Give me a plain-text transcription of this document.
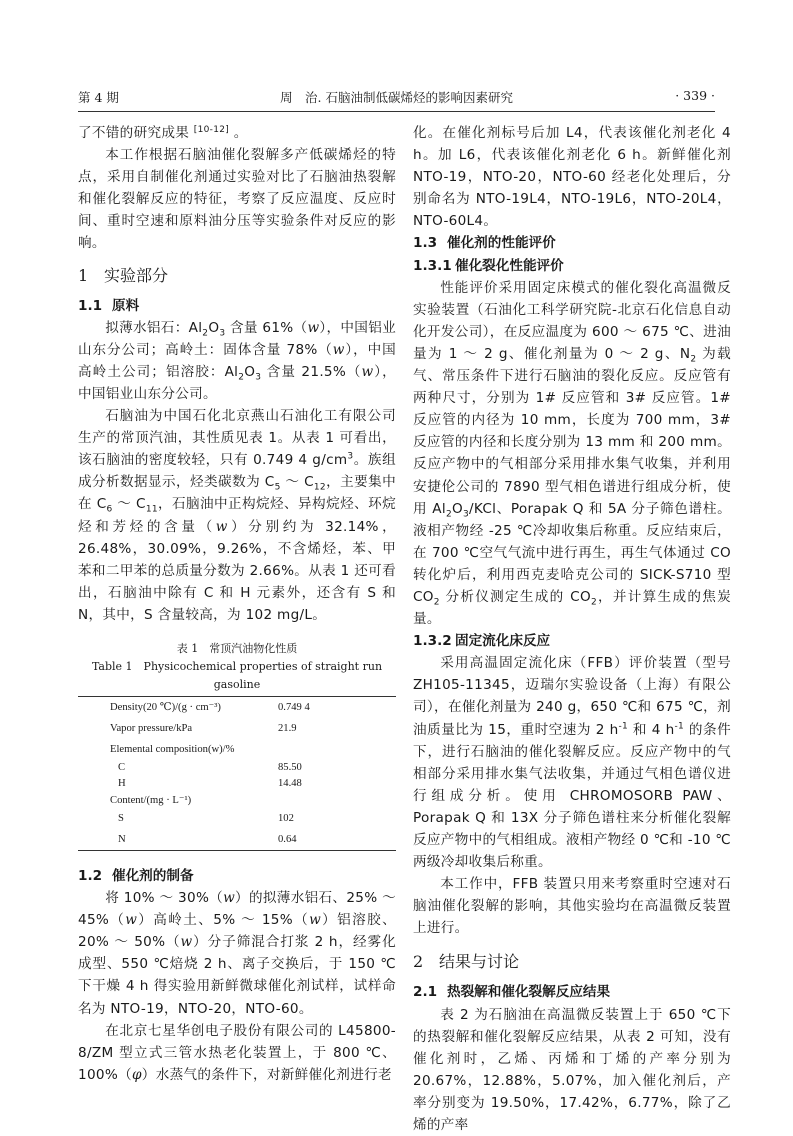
第 4 期	周　治. 石脑油制低碳烯烃的影响因素研究	· 339 ·

了不错的研究成果 [10-12] 。

本工作根据石脑油催化裂解多产低碳烯烃的特点，采用自制催化剂通过实验对比了石脑油热裂解和催化裂解反应的特征，考察了反应温度、反应时间、重时空速和原料油分压等实验条件对反应的影响。

1 实验部分
1.1 原料

拟薄水铝石：$Al_2O_3$ 含量 61%（w），中国铝业山东分公司；高岭土：固体含量 78%（w），中国高岭土公司；铝溶胶：$Al_2O_3$ 含量 21.5%（w），中国铝业山东分公司。

石脑油为中国石化北京燕山石油化工有限公司生产的常顶汽油，其性质见表 1。从表 1 可看出，该石脑油的密度较轻，只有 0.749 4 $g/cm^3$。族组成分析数据显示，烃类碳数为 $C_5$ ～ $C_{12}$，主要集中在 $C_6$ ～ $C_{11}$，石脑油中正构烷烃、异构烷烃、环烷烃和芳烃的含量（w）分别约为 32.14%，26.48%，30.09%，9.26%，不含烯烃，苯、甲苯和二甲苯的总质量分数为 2.66%。从表 1 还可看出，石脑油中除有 C 和 H 元素外，还含有 S 和 N，其中，S 含量较高，为 102 mg/L。

表 1　常顶汽油物化性质
Table 1　Physicochemical properties of straight run gasoline
Density(20 ℃)/(g · cm⁻³)	0.749 4
Vapor pressure/kPa	21.9
Elemental composition(w)/%	
C	85.50
H	14.48
Content/(mg · L⁻¹)	
S	102
N	0.64
1.2 催化剂的制备

将 10% ～ 30%（w）的拟薄水铝石、25% ～ 45%（w）高岭土、5% ～ 15%（w）铝溶胶、20% ～ 50%（w）分子筛混合打浆 2 h，经雾化成型、550 ℃焙烧 2 h、离子交换后，于 150 ℃下干燥 4 h 得实验用新鲜微球催化剂试样，试样命名为 NTO-19，NTO-20，NTO-60。

在北京七星华创电子股份有限公司的 L45800-8/ZM 型立式三管水热老化装置上，于 800 ℃、100%（φ）水蒸气的条件下，对新鲜催化剂进行老

化。在催化剂标号后加 L4，代表该催化剂老化 4 h。加 L6，代表该催化剂老化 6 h。新鲜催化剂 NTO-19，NTO-20，NTO-60 经老化处理后，分别命名为 NTO-19L4，NTO-19L6，NTO-20L4，NTO-60L4。

1.3 催化剂的性能评价
1.3.1 催化裂化性能评价

性能评价采用固定床模式的催化裂化高温微反实验装置（石油化工科学研究院-北京石化信息自动化开发公司），在反应温度为 600 ～ 675 ℃、进油量为 1 ～ 2 g、催化剂量为 0 ～ 2 g、$N_2$ 为载气、常压条件下进行石脑油的裂化反应。反应管有两种尺寸，分别为 1# 反应管和 3# 反应管。1# 反应管的内径为 10 mm，长度为 700 mm，3# 反应管的内径和长度分别为 13 mm 和 200 mm。反应产物中的气相部分采用排水集气收集，并利用安捷伦公司的 7890 型气相色谱进行组成分析，使用 $Al_2O_3$/KCl、Porapak Q 和 5A 分子筛色谱柱。液相产物经 -25 ℃冷却收集后称重。反应结束后，在 700 ℃空气气流中进行再生，再生气体通过 CO 转化炉后，利用西克麦哈克公司的 SICK-S710 型 $CO_2$ 分析仪测定生成的 $CO_2$，并计算生成的焦炭量。

1.3.2 固定流化床反应

采用高温固定流化床（FFB）评价装置（型号 ZH105-11345，迈瑞尔实验设备（上海）有限公司），在催化剂量为 240 g，650 ℃和 675 ℃，剂油质量比为 15，重时空速为 2 $h^{-1}$ 和 4 $h^{-1}$ 的条件下，进行石脑油的催化裂解反应。反应产物中的气相部分采用排水集气法收集，并通过气相色谱仪进行组成分析。使用 CHROMOSORB PAW、Porapak Q 和 13X 分子筛色谱柱来分析催化裂解反应产物中的气相组成。液相产物经 0 ℃和 -10 ℃两级冷却收集后称重。

本工作中，FFB 装置只用来考察重时空速对石脑油催化裂解的影响，其他实验均在高温微反装置上进行。

2 结果与讨论
2.1 热裂解和催化裂解反应结果

表 2 为石脑油在高温微反装置上于 650 ℃下的热裂解和催化裂解反应结果，从表 2 可知，没有催化剂时，乙烯、丙烯和丁烯的产率分别为 20.67%，12.88%，5.07%，加入催化剂后，产率分别变为 19.50%，17.42%，6.77%，除了乙烯的产率
